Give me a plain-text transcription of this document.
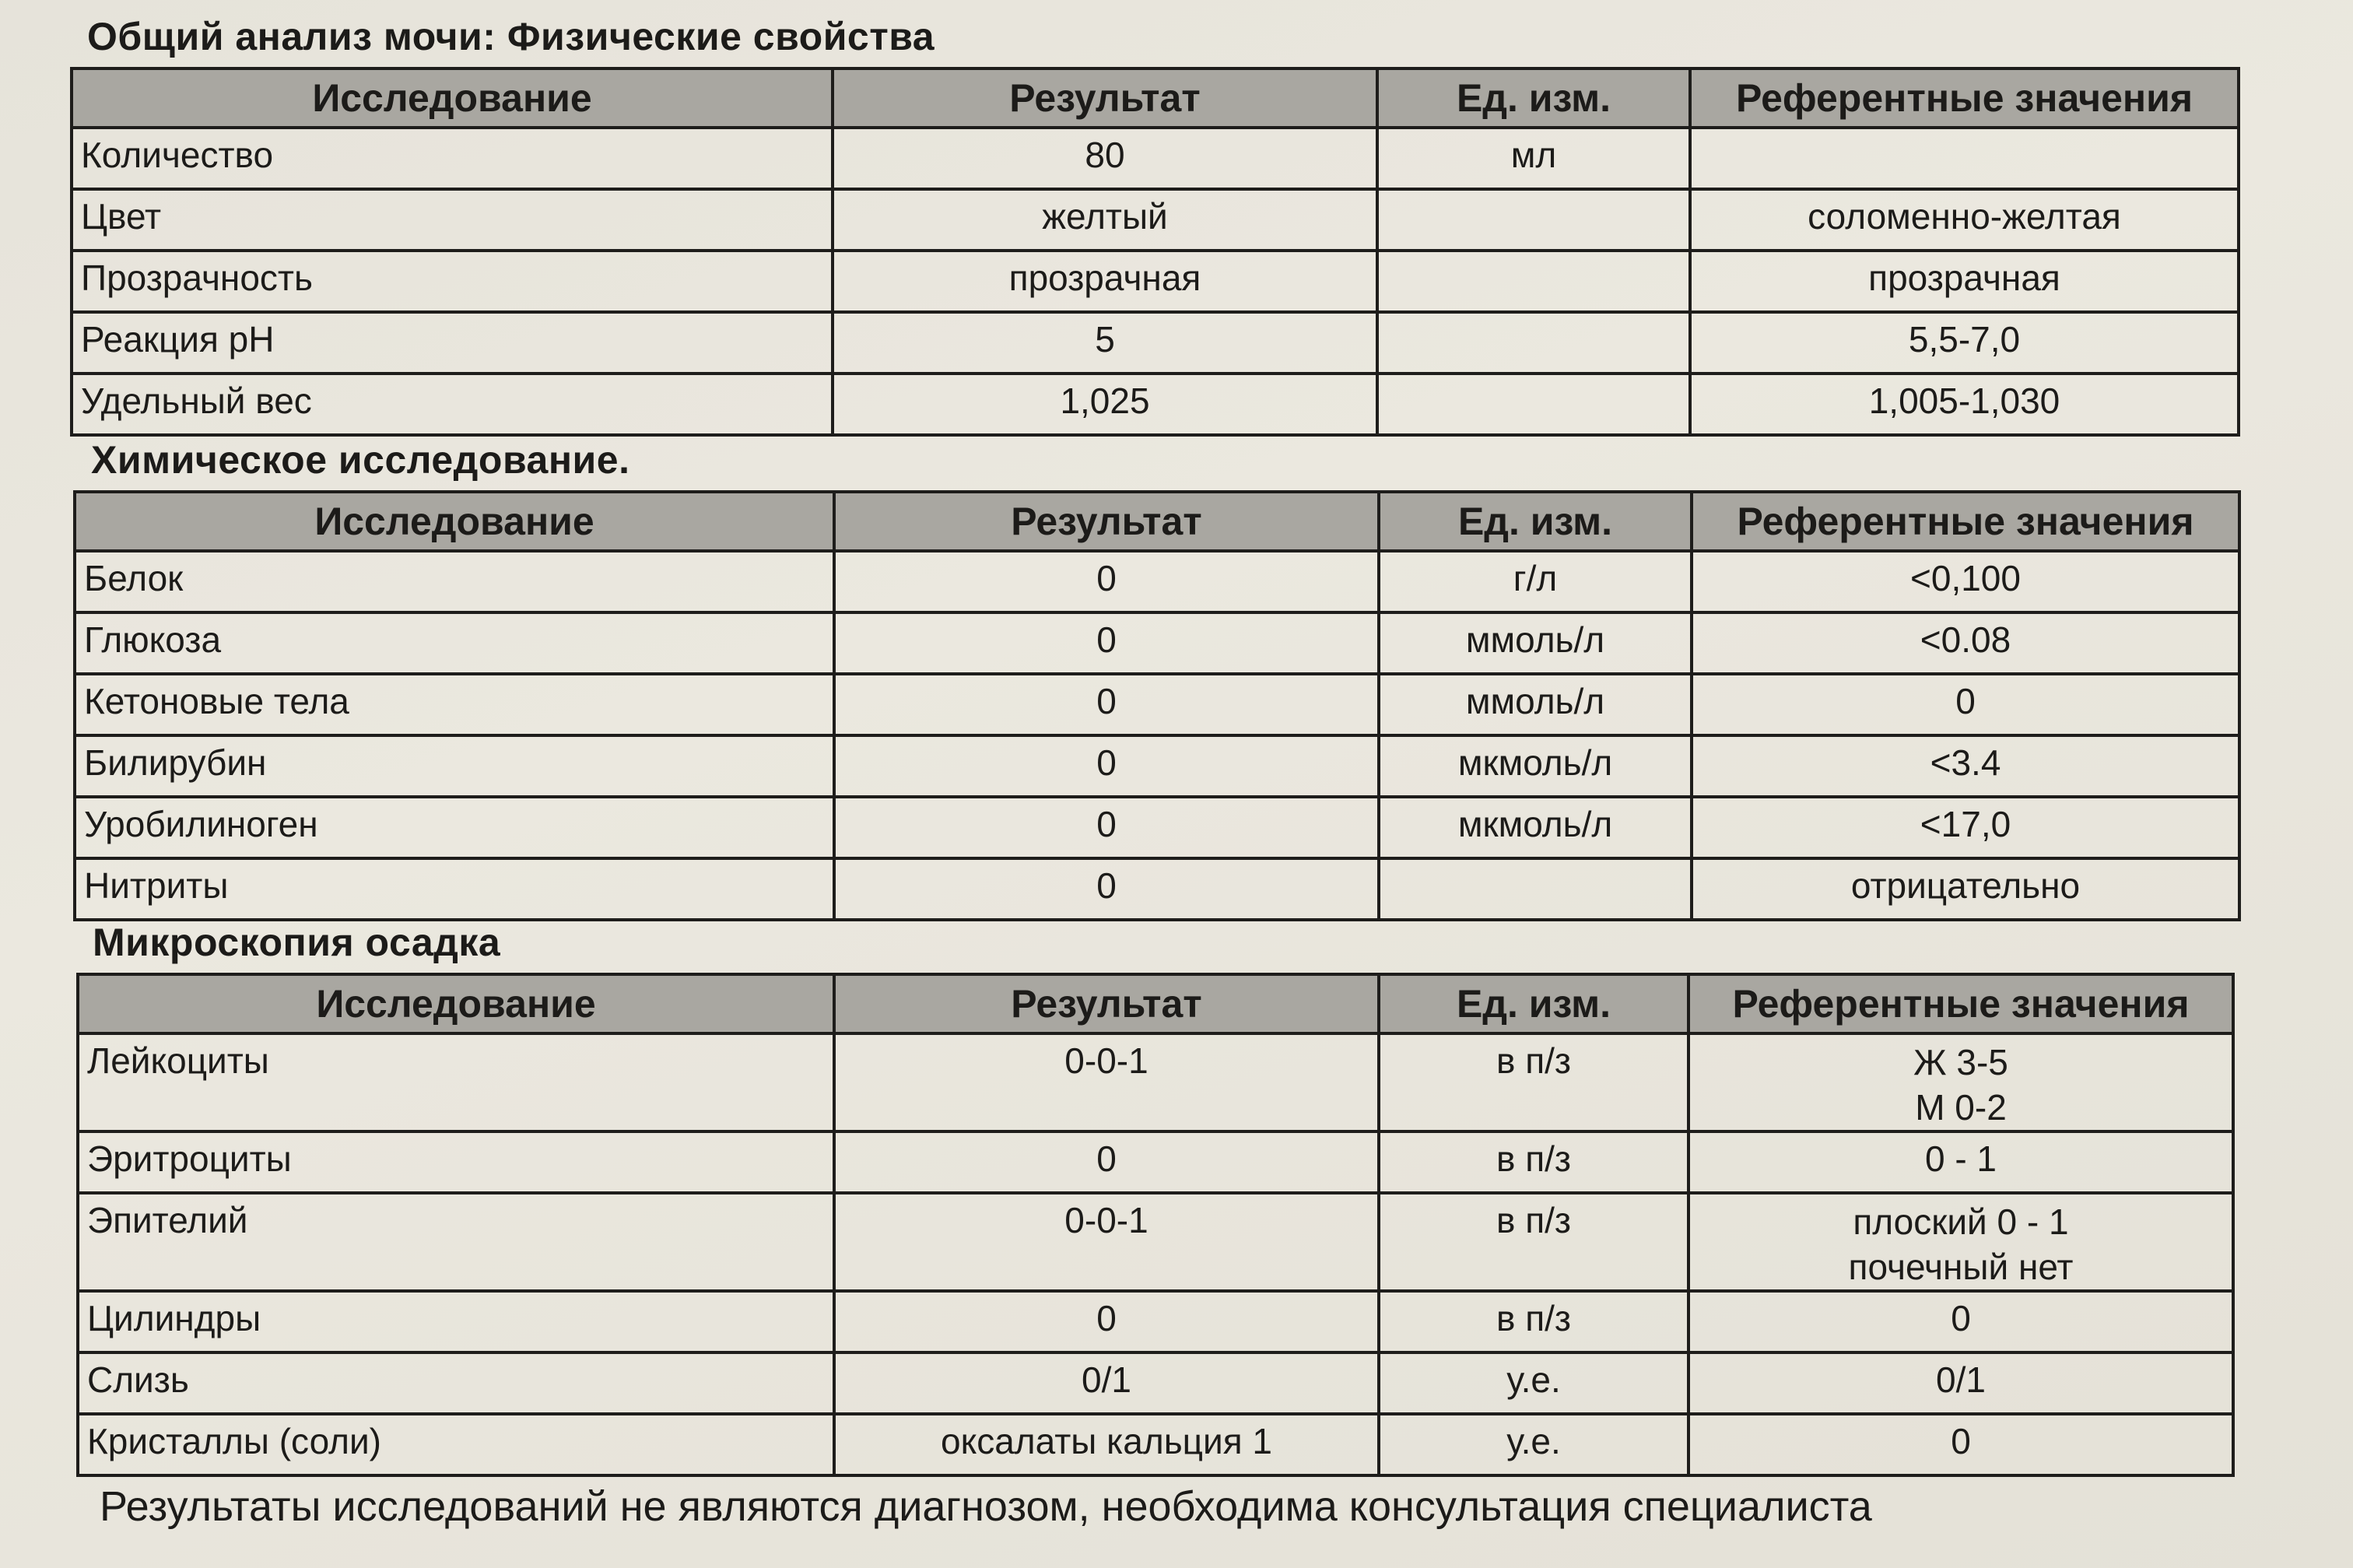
Общий анализ мочи: Физические свойства
Исследование	Результат	Ед. изм.	Референтные значения
Количество	80	мл	
Цвет	желтый		соломенно-желтая
Прозрачность	прозрачная		прозрачная
Реакция рН	5		5,5-7,0
Удельный вес	1,025		1,005-1,030
Химическое исследование.
Исследование	Результат	Ед. изм.	Референтные значения
Белок	0	г/л	<0,100
Глюкоза	0	ммоль/л	<0.08
Кетоновые тела	0	ммоль/л	0
Билирубин	0	мкмоль/л	<3.4
Уробилиноген	0	мкмоль/л	<17,0
Нитриты	0		отрицательно
Микроскопия осадка
Исследование	Результат	Ед. изм.	Референтные значения
Лейкоциты	0-0-1	в п/з	Ж 3-5
М 0-2

Эритроциты	0	в п/з	0 - 1
Эпителий	0-0-1	в п/з	плоский 0 - 1
почечный нет

Цилиндры	0	в п/з	0
Слизь	0/1	у.е.	0/1
Кристаллы (соли)	оксалаты кальция 1	у.е.	0
Результаты исследований не являются диагнозом, необходима консультация специалиста
